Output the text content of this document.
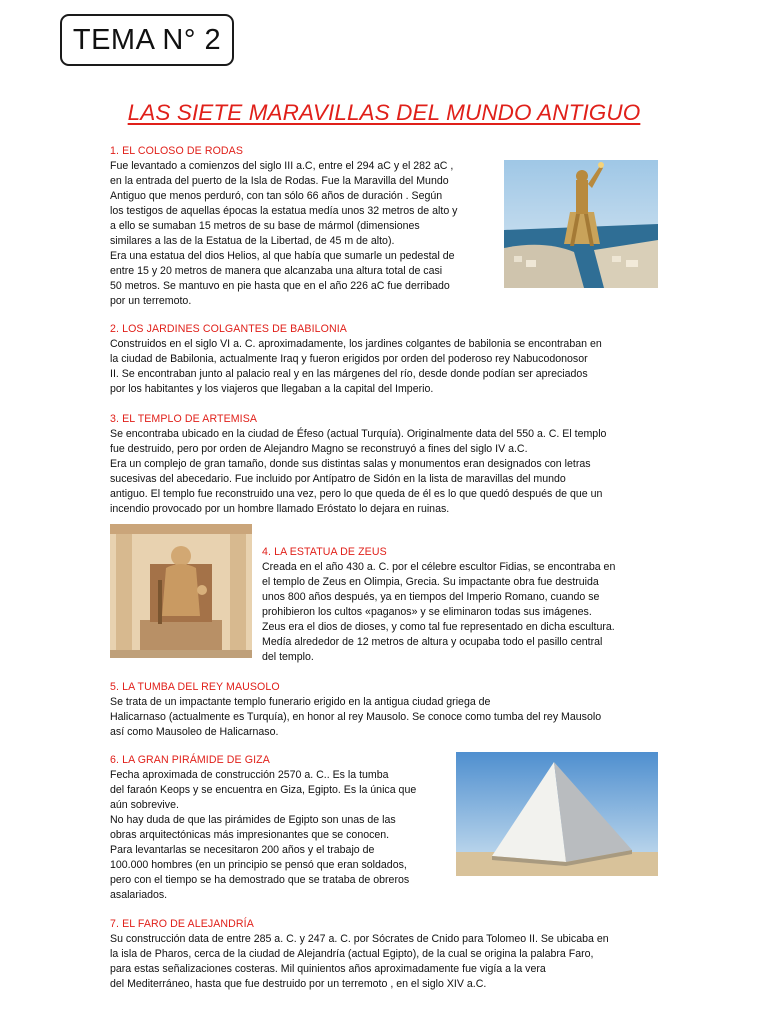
TEMA N° 2
LAS SIETE MARAVILLAS DEL MUNDO ANTIGUO

1. EL COLOSO DE RODAS

Fue levantado a comienzos del siglo III a.C, entre el 294 aC y el 282 aC ,
en la entrada del puerto de la Isla de Rodas. Fue la Maravilla del Mundo
Antiguo que menos perduró, con tan sólo 66 años de duración . Según
los testigos de aquellas épocas la estatua medía unos 32 metros de alto y
a ello se sumaban 15 metros de su base de mármol (dimensiones
similares a las de la Estatua de la Libertad, de 45 m de alto).
Era una estatua del dios Helios, al que había que sumarle un pedestal de
entre 15 y 20 metros de manera que alcanzaba una altura total de casi
50 metros. Se mantuvo en pie hasta que en el año 226 aC fue derribado
por un terremoto.

2. LOS JARDINES COLGANTES DE BABILONIA

Construidos en el siglo VI a. C. aproximadamente, los jardines colgantes de babilonia se encontraban en
la ciudad de Babilonia, actualmente Iraq y fueron erigidos por orden del poderoso rey Nabucodonosor
II. Se encontraban junto al palacio real y en las márgenes del río, desde donde podían ser apreciados
por los habitantes y los viajeros que llegaban a la capital del Imperio.

3. EL TEMPLO DE ARTEMISA

Se encontraba ubicado en la ciudad de Éfeso (actual Turquía). Originalmente data del 550 a. C. El templo
fue destruido, pero por orden de Alejandro Magno se reconstruyó a fines del siglo IV a.C.
Era un complejo de gran tamaño, donde sus distintas salas y monumentos eran designados con letras
sucesivas del abecedario. Fue incluido por Antípatro de Sidón en la lista de maravillas del mundo
antiguo. El templo fue reconstruido una vez, pero lo que queda de él es lo que quedó después de que un
incendio provocado por un hombre llamado Eróstato lo dejara en ruinas.

4. LA ESTATUA DE ZEUS

Creada en el año 430 a. C. por el célebre escultor Fidias, se encontraba en
el templo de Zeus en Olimpia, Grecia. Su impactante obra fue destruida
unos 800 años después, ya en tiempos del Imperio Romano, cuando se
prohibieron los cultos «paganos» y se eliminaron todas sus imágenes.
Zeus era el dios de dioses, y como tal fue representado en dicha escultura.
Medía alrededor de 12 metros de altura y ocupaba todo el pasillo central
del templo.

5. LA TUMBA DEL REY MAUSOLO

Se trata de un impactante templo funerario erigido en la antigua ciudad griega de
Halicarnaso (actualmente es Turquía), en honor al rey Mausolo. Se conoce como tumba del rey Mausolo
así como Mausoleo de Halicarnaso.

6. LA GRAN PIRÁMIDE DE GIZA

Fecha aproximada de construcción 2570 a. C.. Es la tumba
del faraón Keops y se encuentra en Giza, Egipto. Es la única que
aún sobrevive.
No hay duda de que las pirámides de Egipto son unas de las
obras arquitectónicas más impresionantes que se conocen.
Para levantarlas se necesitaron 200 años y el trabajo de
100.000 hombres (en un principio se pensó que eran soldados,
pero con el tiempo se ha demostrado que se trataba de obreros
asalariados.

7. EL FARO DE ALEJANDRÍA

Su construcción data de entre 285 a. C. y 247 a. C. por Sócrates de Cnido para Tolomeo II. Se ubicaba en
la isla de Pharos, cerca de la ciudad de Alejandría (actual Egipto), de la cual se origina la palabra Faro,
para estas señalizaciones costeras. Mil quinientos años aproximadamente fue vigía a la vera
del Mediterráneo, hasta que fue destruido por un terremoto , en el siglo XIV a.C.
